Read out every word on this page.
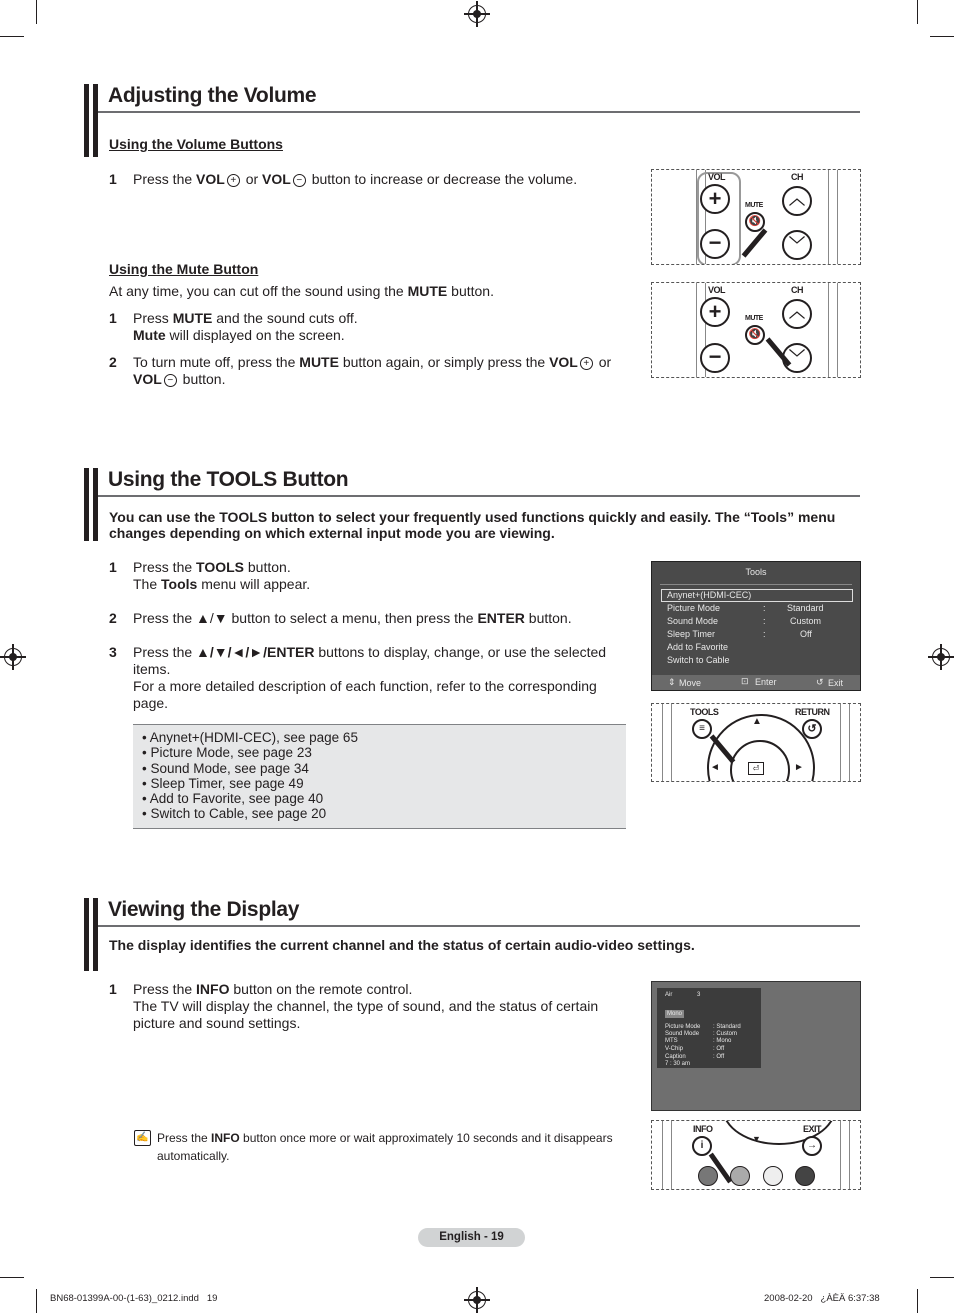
Adjusting the Volume
Using the Volume Buttons
1 Press the VOL + or VOL − button to increase or decrease the volume.
Using the Mute Button
At any time, you can cut off the sound using the MUTE button.
1 Press MUTE and the sound cuts off.
Mute will displayed on the screen.
2 To turn mute off, press the MUTE button again, or simply press the VOL + or
VOL − button.
VOL	CH
+
−
︿
﹀
MUTE
🔇
VOL	CH
+
−
︿
﹀
MUTE
🔇
Using the TOOLS Button
You can use the TOOLS button to select your frequently used functions quickly and easily. The “Tools” menu changes depending on which external input mode you are viewing.
1 Press the TOOLS button.
The Tools menu will appear.
2 Press the ▲/▼ button to select a menu, then press the ENTER button.
3 Press the ▲/▼/◄/►/ENTER buttons to display, change, or use the selected
items.
For a more detailed description of each function, refer to the corresponding
page.
• Anynet+(HDMI-CEC), see page 65
• Picture Mode, see page 23
• Sound Mode, see page 34
• Sleep Timer, see page 49
• Add to Favorite, see page 40
• Switch to Cable, see page 20
Tools
Anynet+(HDMI-CEC)
Picture Mode	: Standard
Sound Mode	:	Custom
Sleep Timer	:	Off
Add to Favorite
Switch to Cable
⇕ Move	⊡ Enter	↺ Exit
TOOLS	RETURN
≡	↺
▲
◄	►
⏎
Viewing the Display
The display identifies the current channel and the status of certain audio-video settings.
1 Press the INFO button on the remote control.
The TV will display the channel, the type of sound, and the status of certain
picture and sound settings.
✍ Press the INFO button once more or wait approximately 10 seconds and it disappears
automatically.
Air	3
Mono
Picture Mode : Standard
Sound Mode : Custom
MTS	: Mono
V-Chip	: Off
Caption	: Off
7 : 30 am
▼
INFO	EXIT
i	→
English - 19
BN68-01399A-00-(1-63)_0212.indd   19	2008-02-20   ¿ÀÈÄ 6:37:38
